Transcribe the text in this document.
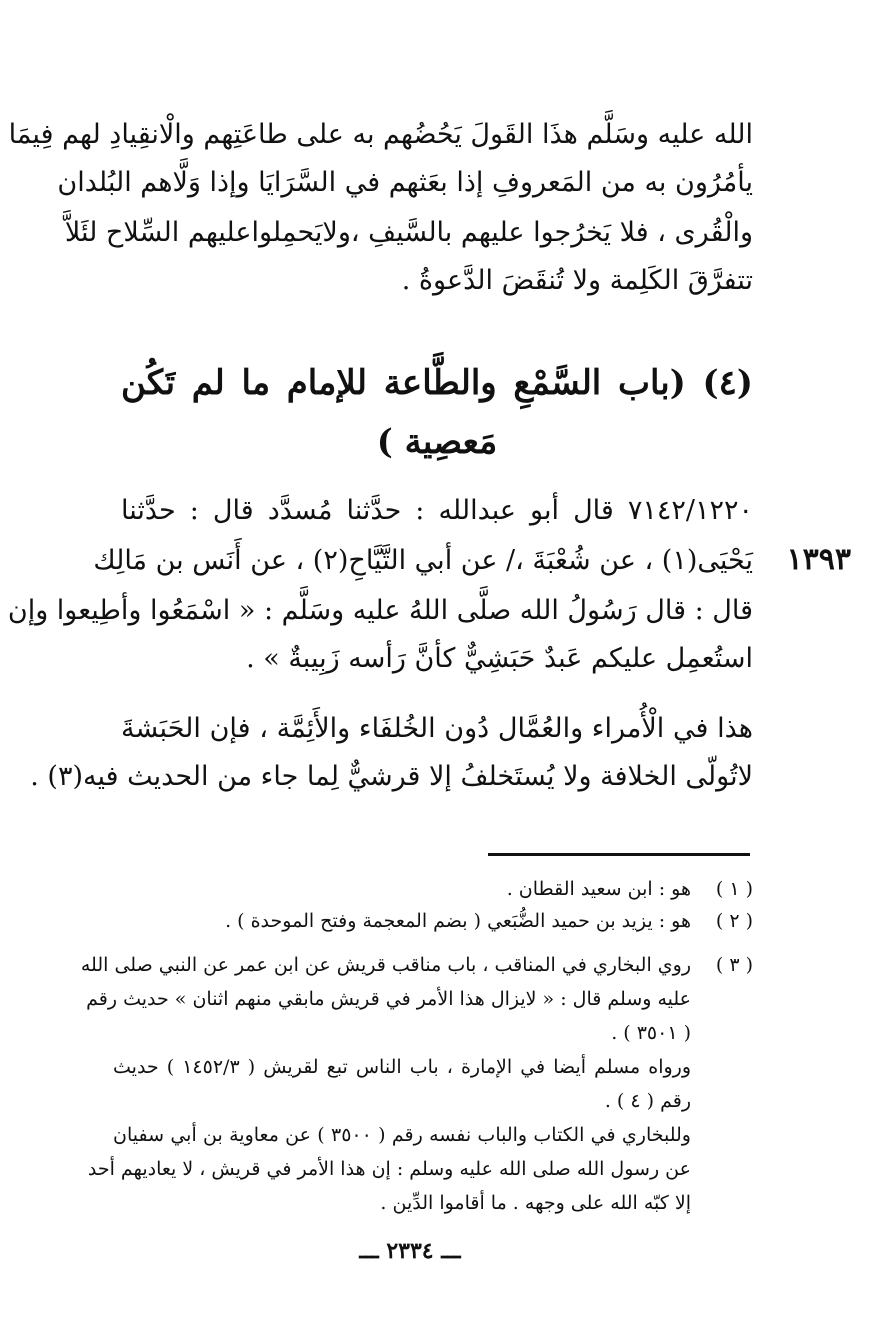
الله عليه وسَلَّم هذَا القَولَ يَحُضُهم به على طاعَتِهم والْانقِيادِ لهم فِيمَا
يأمُرُون به من المَعروفِ إذا بعَثهم في السَّرَايَا وإذا وَلَّاهم البُلدان
والْقُرى ، فلا يَخرُجوا عليهم بالسَّيفِ ،ولايَحمِلواعليهم السِّلاح لئَلاَّ
تتفرَّقَ الكَلِمة ولا تُنقَضَ الدَّعوةُ .
(٤) (باب السَّمْعِ والطَّاعة للإمام ما لم تَكُن
مَعصِية )
١٣٩٣
٧١٤٢/١٢٢٠ قال أبو عبدالله : حدَّثنا مُسدَّد قال : حدَّثنا
يَحْيَى(١) ، عن شُعْبَةَ ،/ عن أبي التَّيَّاحِ(٢) ، عن أَنَس بن مَالِك
قال : قال رَسُولُ الله صلَّى اللهُ عليه وسَلَّم : « اسْمَعُوا وأطِيعوا وإن
استُعمِل عليكم عَبدٌ حَبَشِيٌّ كأنَّ رَأسه زَبِيبةٌ » .
هذا في الْأُمراء والعُمَّال دُون الخُلفَاء والأَئِمَّة ، فإن الحَبَشةَ
لاتُولّى الخلافة ولا يُستَخلفُ إلا قرشيٌّ لِما جاء من الحديث فيه(٣) .
( ١ )
هو : ابن سعيد القطان .
( ٢ )
هو : يزيد بن حميد الضُّبَعي ( بضم المعجمة وفتح الموحدة ) .
( ٣ )
روي البخاري في المناقب ، باب مناقب قريش عن ابن عمر عن النبي صلى الله
عليه وسلم قال : « لايزال هذا الأمر في قريش مابقي منهم اثنان » حديث رقم
( ٣٥٠١ ) .
ورواه مسلم أيضا في الإمارة ، باب الناس تبع لقريش ( ١٤٥٢/٣ ) حديث
رقم ( ٤ ) .
وللبخاري في الكتاب والباب نفسه رقم ( ٣٥٠٠ ) عن معاوية بن أبي سفيان
عن رسول الله صلى الله عليه وسلم : إن هذا الأمر في قريش ، لا يعاديهم أحد
إلا كبّه الله على وجهه . ما أقاموا الدِّين .
ـــ ٢٣٣٤ ـــ
